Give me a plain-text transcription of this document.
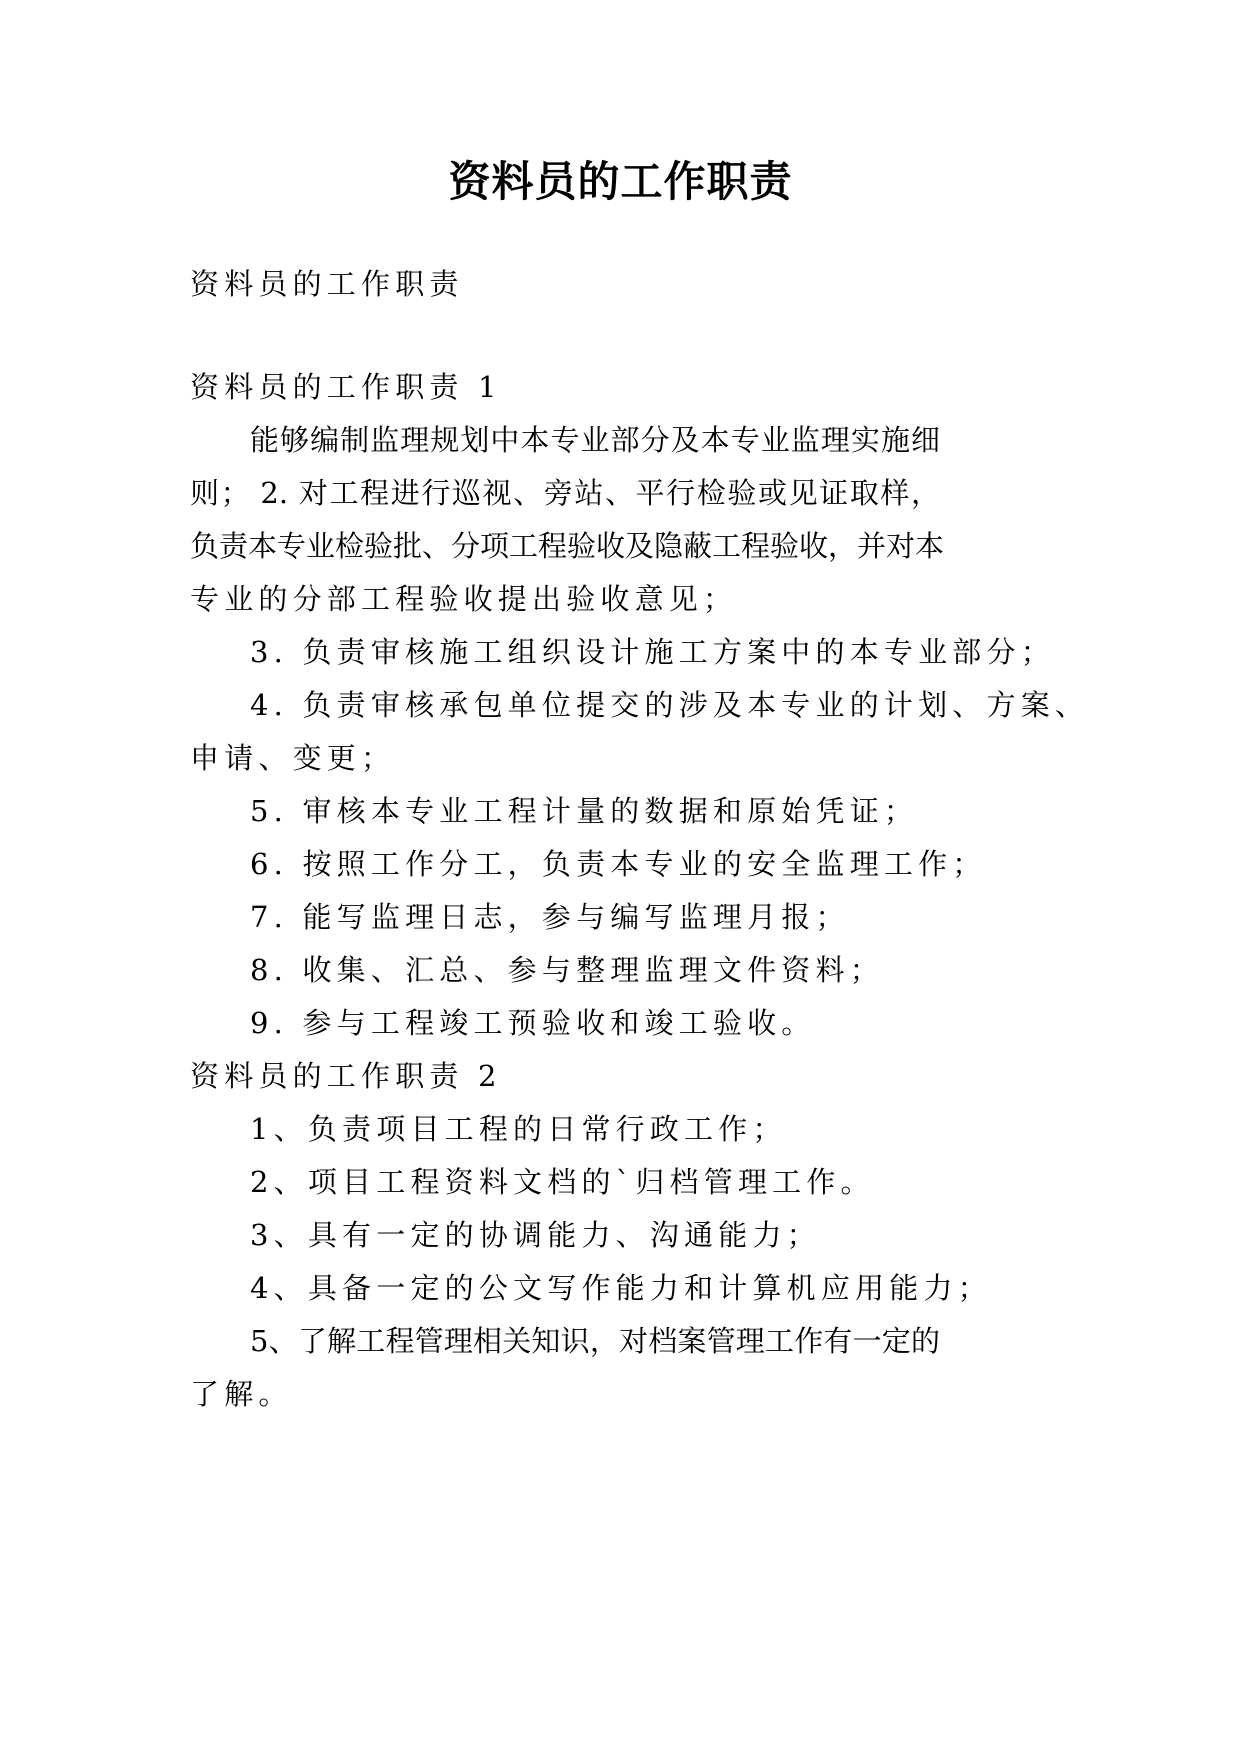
资料员的工作职责
资料员的工作职责
资料员的工作职责 1
能够编制监理规划中本专业部分及本专业监理实施细
则； 2. 对工程进行巡视、旁站、平行检验或见证取样，
负责本专业检验批、分项工程验收及隐蔽工程验收，并对本
专业的分部工程验收提出验收意见；
3. 负责审核施工组织设计施工方案中的本专业部分；
4. 负责审核承包单位提交的涉及本专业的计划、方案、
申请、变更；
5. 审核本专业工程计量的数据和原始凭证；
6. 按照工作分工，负责本专业的安全监理工作；
7. 能写监理日志，参与编写监理月报；
8. 收集、汇总、参与整理监理文件资料；
9. 参与工程竣工预验收和竣工验收。
资料员的工作职责 2
1、负责项目工程的日常行政工作；
2、项目工程资料文档的`归档管理工作。
3、具有一定的协调能力、沟通能力；
4、具备一定的公文写作能力和计算机应用能力；
5、了解工程管理相关知识，对档案管理工作有一定的
了解。
